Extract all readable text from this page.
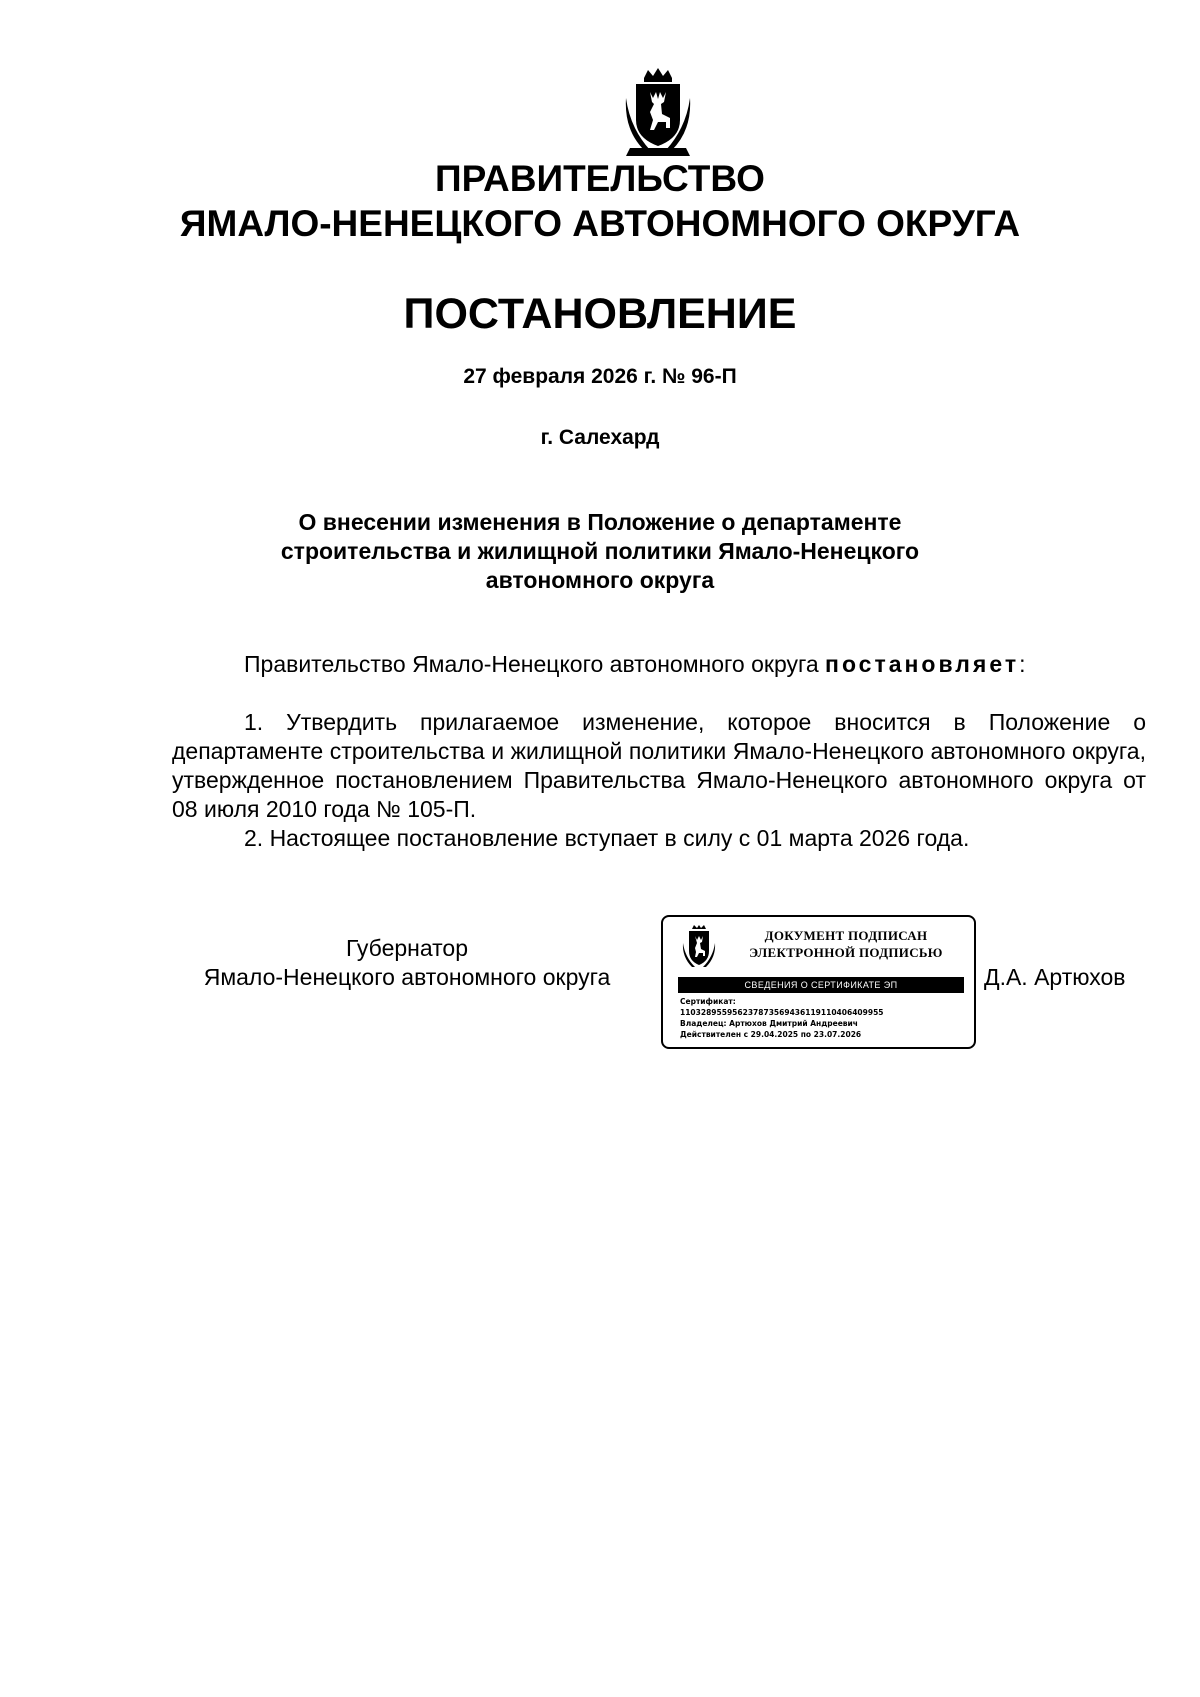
ПРАВИТЕЛЬСТВО
ЯМАЛО-НЕНЕЦКОГО АВТОНОМНОГО ОКРУГА
ПОСТАНОВЛЕНИЕ
27 февраля 2026 г. № 96-П
г. Салехард
О внесении изменения в Положение о департаменте
строительства и жилищной политики Ямало-Ненецкого
автономного округа
Правительство Ямало-Ненецкого автономного округа постановляет:
1. Утвердить прилагаемое изменение, которое вносится в Положение о департаменте строительства и жилищной политики Ямало-Ненецкого автономного округа, утвержденное постановлением Правительства Ямало-Ненецкого автономного округа от 08 июля 2010 года № 105-П.
2. Настоящее постановление вступает в силу с 01 марта 2026 года.
Губернатор
Ямало-Ненецкого автономного округа
ДОКУМЕНТ ПОДПИСАН
ЭЛЕКТРОННОЙ ПОДПИСЬЮ
СВЕДЕНИЯ О СЕРТИФИКАТЕ ЭП
Сертификат:
110328955956237873569436119110406409955
Владелец: Артюхов Дмитрий Андреевич
Действителен с 29.04.2025 по 23.07.2026
Д.А. Артюхов
